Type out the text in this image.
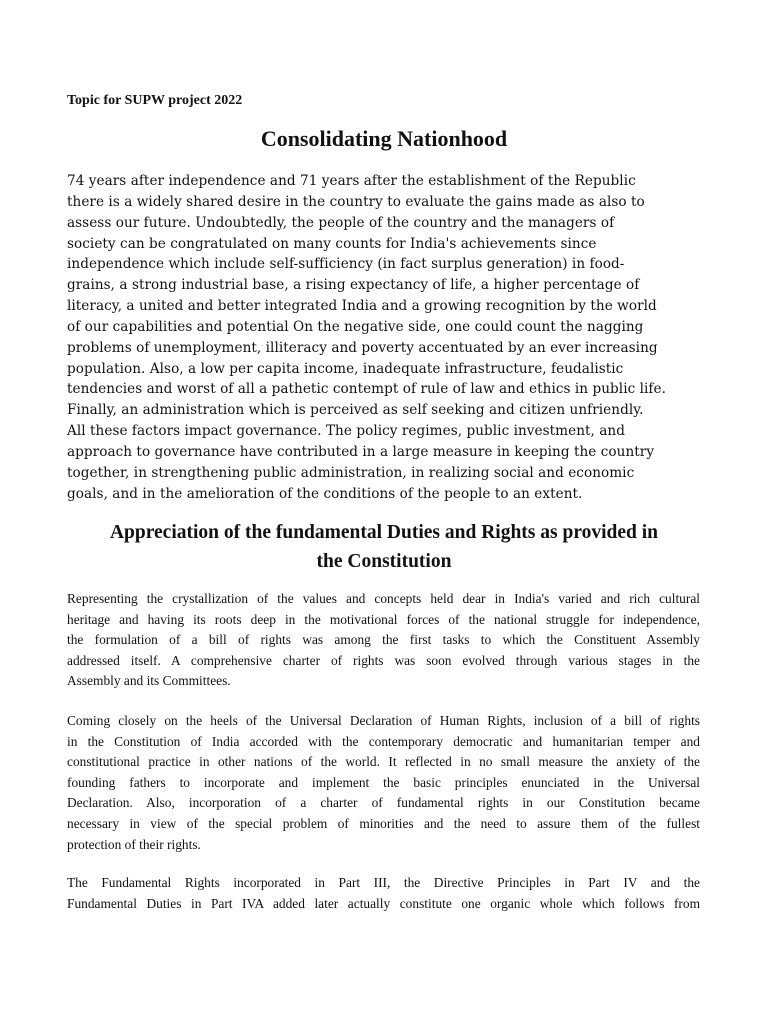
Topic for SUPW project 2022
Consolidating Nationhood
74 years after independence and 71 years after the establishment of the Republic
there is a widely shared desire in the country to evaluate the gains made as also to
assess our future. Undoubtedly, the people of the country and the managers of
society can be congratulated on many counts for India's achievements since
independence which include self-sufficiency (in fact surplus generation) in food-
grains, a strong industrial base, a rising expectancy of life, a higher percentage of
literacy, a united and better integrated India and a growing recognition by the world
of our capabilities and potential On the negative side, one could count the nagging
problems of unemployment, illiteracy and poverty accentuated by an ever increasing
population. Also, a low per capita income, inadequate infrastructure, feudalistic
tendencies and worst of all a pathetic contempt of rule of law and ethics in public life.
Finally, an administration which is perceived as self seeking and citizen unfriendly.
All these factors impact governance. The policy regimes, public investment, and
approach to governance have contributed in a large measure in keeping the country
together, in strengthening public administration, in realizing social and economic
goals, and in the amelioration of the conditions of the people to an extent.
Appreciation of the fundamental Duties and Rights as provided in
the Constitution
Representing the crystallization of the values and concepts held dear in India's varied and rich cultural
heritage and having its roots deep in the motivational forces of the national struggle for independence,
the formulation of a bill of rights was among the first tasks to which the Constituent Assembly
addressed itself. A comprehensive charter of rights was soon evolved through various stages in the
Assembly and its Committees.
Coming closely on the heels of the Universal Declaration of Human Rights, inclusion of a bill of rights
in the Constitution of India accorded with the contemporary democratic and humanitarian temper and
constitutional practice in other nations of the world. It reflected in no small measure the anxiety of the
founding fathers to incorporate and implement the basic principles enunciated in the Universal
Declaration. Also, incorporation of a charter of fundamental rights in our Constitution became
necessary in view of the special problem of minorities and the need to assure them of the fullest
protection of their rights.
The Fundamental Rights incorporated in Part III, the Directive Principles in Part IV and the
Fundamental Duties in Part IVA added later actually constitute one organic whole which follows from
